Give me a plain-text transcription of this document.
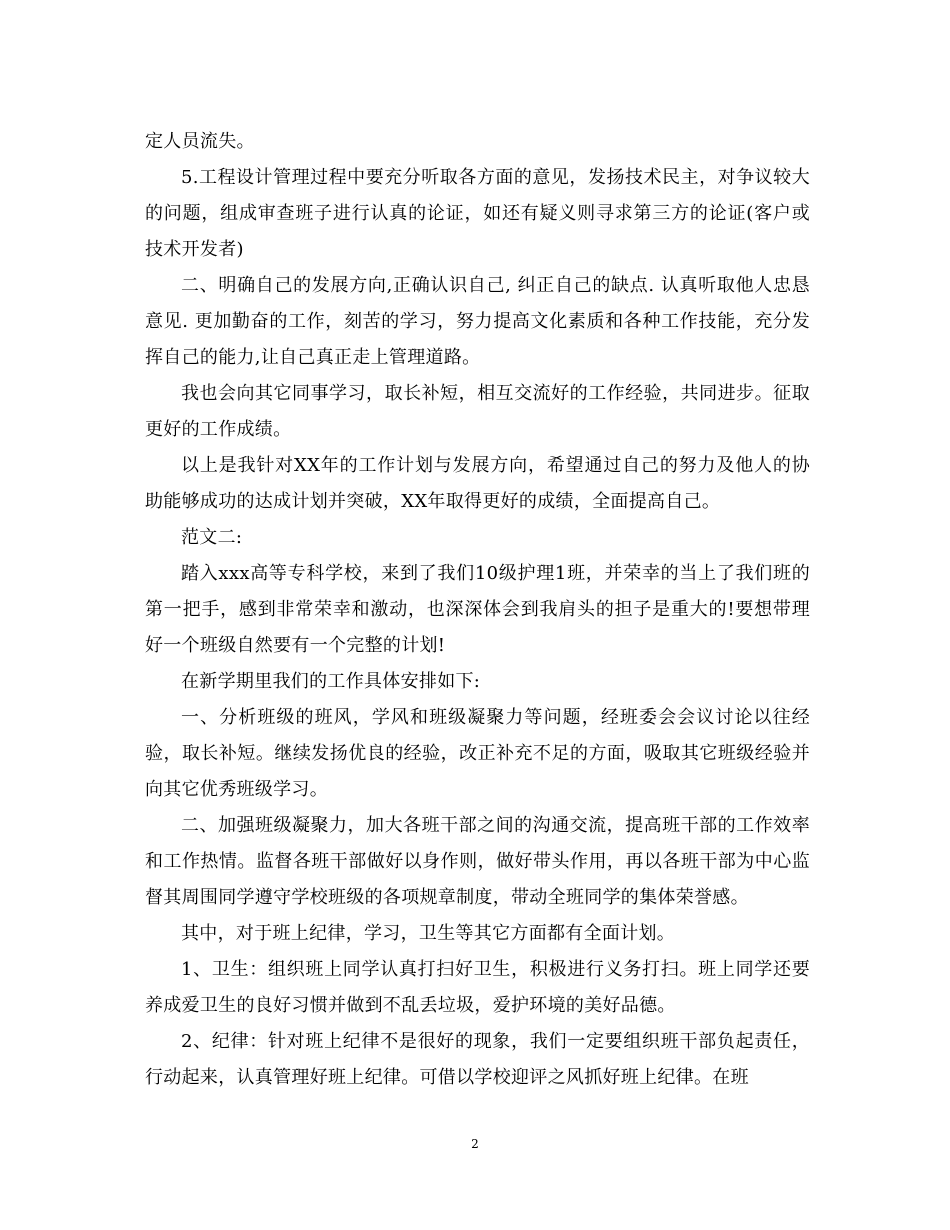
定人员流失。

5.工程设计管理过程中要充分听取各方面的意见，发扬技术民主，对争议较大的问题，组成审查班子进行认真的论证，如还有疑义则寻求第三方的论证(客户或技术开发者)

二、明确自己的发展方向,正确认识自己, 纠正自己的缺点. 认真听取他人忠恳意见. 更加勤奋的工作，刻苦的学习，努力提高文化素质和各种工作技能，充分发挥自己的能力,让自己真正走上管理道路。

我也会向其它同事学习，取长补短，相互交流好的工作经验，共同进步。征取更好的工作成绩。

以上是我针对XX年的工作计划与发展方向，希望通过自己的努力及他人的协助能够成功的达成计划并突破，XX年取得更好的成绩，全面提高自己。

范文二:

踏入xxx高等专科学校，来到了我们10级护理1班，并荣幸的当上了我们班的第一把手，感到非常荣幸和激动，也深深体会到我肩头的担子是重大的!要想带理好一个班级自然要有一个完整的计划!

在新学期里我们的工作具体安排如下:

一、分析班级的班风，学风和班级凝聚力等问题，经班委会会议讨论以往经验，取长补短。继续发扬优良的经验，改正补充不足的方面，吸取其它班级经验并向其它优秀班级学习。

二、加强班级凝聚力，加大各班干部之间的沟通交流，提高班干部的工作效率和工作热情。监督各班干部做好以身作则，做好带头作用，再以各班干部为中心监督其周围同学遵守学校班级的各项规章制度，带动全班同学的集体荣誉感。

其中，对于班上纪律，学习，卫生等其它方面都有全面计划。

1、卫生：组织班上同学认真打扫好卫生，积极进行义务打扫。班上同学还要养成爱卫生的良好习惯并做到不乱丢垃圾，爱护环境的美好品德。

2、纪律：针对班上纪律不是很好的现象，我们一定要组织班干部负起责任，行动起来，认真管理好班上纪律。可借以学校迎评之风抓好班上纪律。在班

2
